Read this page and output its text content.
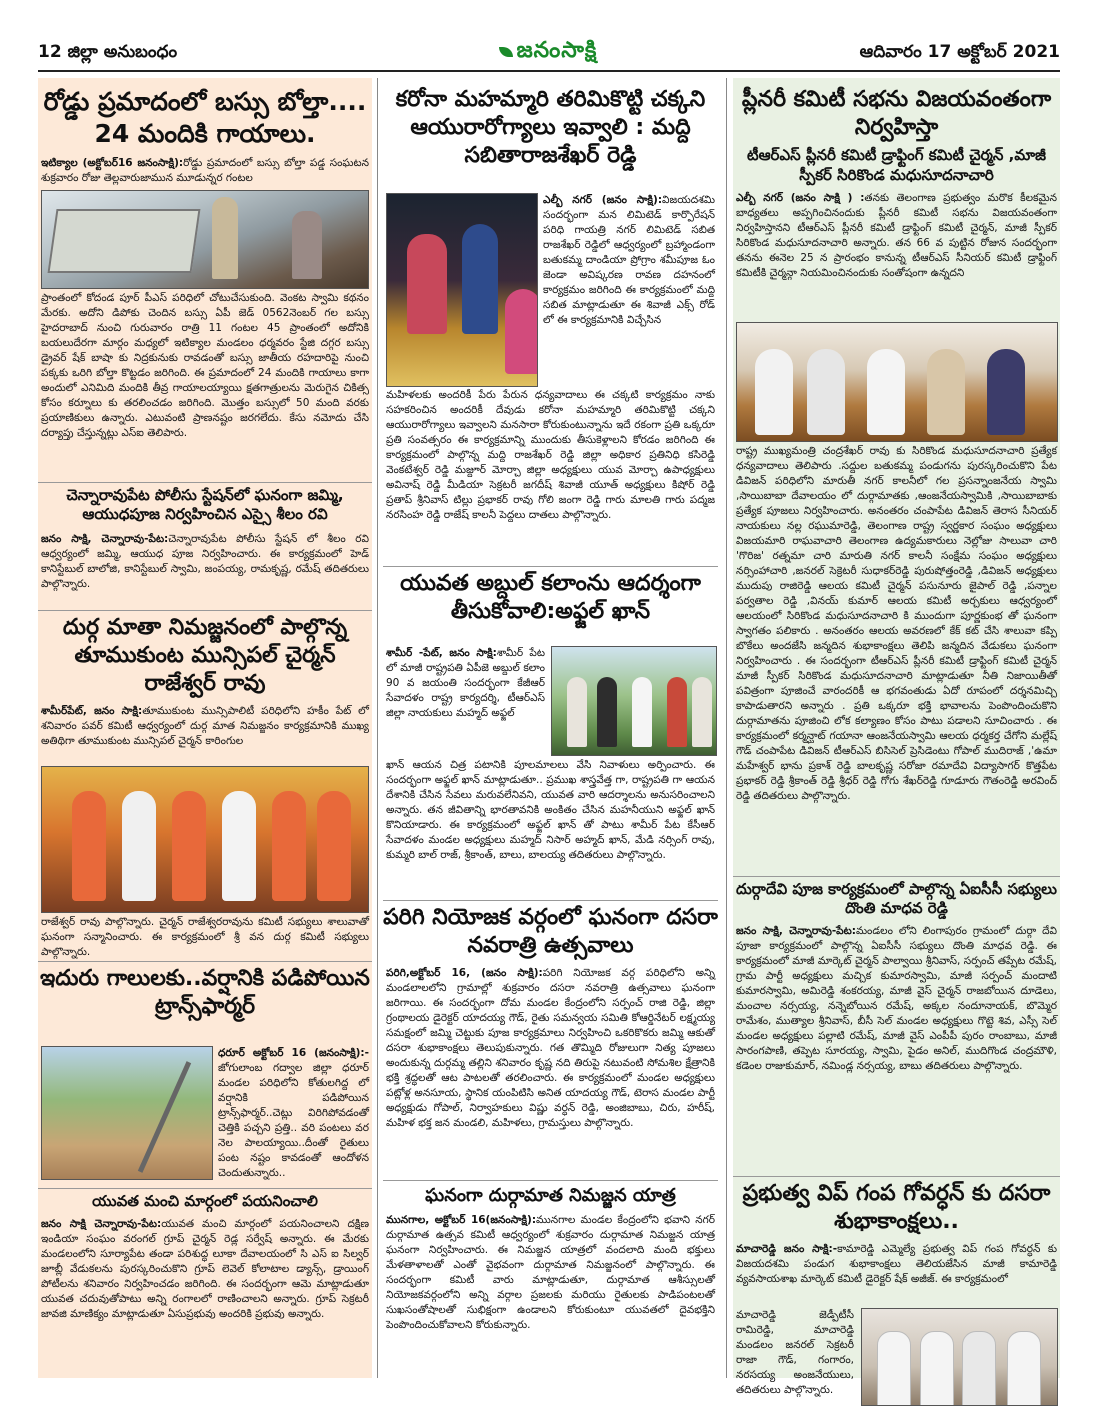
12 జిల్లా అనుబంధం	జనంసాక్షి	ఆదివారం 17 అక్టోబర్ 2021
రోడ్డు ప్రమాదంలో బస్సు బోల్తా.... 24 మందికి గాయాలు.
ఇటిక్యాల (అక్టోబర్16 జనంసాక్షి):రోడ్డు ప్రమాదంలో బస్సు బోల్తా పడ్డ సంఘటన శుక్రవారం రోజు తెల్లవారుజామున మూడున్నర గంటల
ప్రాంతంలో కోదండ పూర్ పీఎస్ పరిధిలో చోటుచేసుకుంది. వెంకట స్వామి కథనం మేరకు. అదోని డిపోకు చెందిన బస్సు ఏపీ జెడ్ 0562నెంబర్ గల బస్సు హైదరాబాద్ నుంచి గురువారం రాత్రి 11 గంటల 45 ప్రాంతంలో అదోనికి బయలుదేరగా మార్గం మధ్యలో ఇటిక్యాల మండలం ధర్మవరం స్టేజి దగ్గర బస్సు డ్రైవర్ షేక్ బాషా కు నిద్రకునుకు రావడంతో బస్సు జాతీయ రహదారిపై నుంచి పక్కకు ఒరిగి బోల్తా కొట్టడం జరిగింది. ఈ ప్రమాదంలో 24 మందికి గాయాలు కాగా అందులో ఎనిమిది మందికి తీవ్ర గాయాలయ్యాయి క్షతగాత్రులను మెరుగైన చికిత్స కోసం కర్నూలు కు తరలించడం జరిగింది. మొత్తం బస్సులో 50 మంది వరకు ప్రయాణికులు ఉన్నారు. ఎటువంటి ప్రాణనష్టం జరగలేదు. కేసు నమోదు చేసి దర్యాప్తు చేస్తున్నట్లు ఎస్ఐ తెలిపారు.
చెన్నారావుపేట పోలీసు స్టేషన్‌లో ఘనంగా జమ్మి, ఆయుధపూజ నిర్వహించిన ఎస్సై శీలం రవి
జనం సాక్షి, చెన్నారావు-పేట:చెన్నారావుపేట పోలీసు స్టేషన్ లో శీలం రవి ఆధ్వర్యంలో జమ్మి, ఆయుధ పూజ నిర్వహించారు. ఈ కార్యక్రమంలో హెడ్ కానిస్టేబుల్ బాలోజి, కానిస్టేబుల్ స్వామి, జంపయ్య, రామకృష్ణ, రమేష్ తదితరులు పాల్గొన్నారు.
దుర్గ మాతా నిమజ్జనంలో పాల్గొన్న తూముకుంట మున్సిపల్ చైర్మన్ రాజేశ్వర్ రావు
శామీర్‌పేట్, జనం సాక్షి:తూముకుంట మున్సిపాలిటీ పరిధిలోని హకీం పేట్ లో శనివారం పవర్ కమిటీ ఆధ్వర్యంలో దుర్గ మాత నిమజ్జనం కార్యక్రమానికి ముఖ్య అతిథిగా తూముకుంట మున్సిపల్ చైర్మన్ కారింగుల
రాజేశ్వర్ రావు పాల్గొన్నారు. చైర్మన్ రాజేశ్వరరావును కమిటీ సభ్యులు శాలువాతో ఘనంగా సన్మానించారు. ఈ కార్యక్రమంలో శ్రీ వన దుర్గ కమిటీ సభ్యులు పాల్గొన్నారు.
ఇదురు గాలులకు..వర్షానికి పడిపోయిన ట్రాన్స్‌ఫార్మర్
ధరూర్ అక్టోబర్ 16 (జనంసాక్షి):-జోగులాంబ గద్వాల జిల్లా ధరూర్ మండల పరిధిలోని కోతులగిద్ద లో వర్షానికి పడిపోయిన ట్రాన్స్‌ఫార్మర్..చెట్లు విరిగిపోవడంతో చెత్తికి పచ్చని ప్రత్తి.. వరి పంటలు వర నెల పాలయ్యాయి..దీంతో రైతులు పంట నష్టం కావడంతో ఆందోళన చెందుతున్నారు..
యువత మంచి మార్గంలో పయనించాలి
జనం సాక్షి చెన్నారావు-పేట:యువత మంచి మార్గంలో పయనించాలని దక్షిణ ఇండియా సంఘం వరంగల్ గ్రూప్ చైర్మన్ రెడ్ల సర్వేష్ అన్నారు. ఈ మేరకు మండలంలోని సూర్యాపేట తండా పరిశుద్ధ లూకా దేవాలయంలో సి ఎస్ ఐ సిల్వర్ జూబ్లీ వేడుకలను పురస్కరించుకొని గ్రూప్ లెవెల్ కోలాటాల డ్యాన్స్, డ్రాయింగ్ పోటీలను శనివారం నిర్వహించడం జరిగింది. ఈ సందర్భంగా ఆమె మాట్లాడుతూ యువత చదువుతోపాటు అన్ని రంగాలలో రాణించాలని అన్నారు. గ్రూప్ సెక్రటరీ జావజి మాణిక్యం మాట్లాడుతూ ఏసుప్రభువు అందరికి ప్రభువు అన్నారు.
కరోనా మహమ్మారి తరిమికొట్టి చక్కని ఆయురారోగ్యాలు ఇవ్వాలి : మద్ది సబితారాజశేఖర్ రెడ్డి
ఎల్బీ నగర్ (జనం సాక్షి):విజయదశమి సందర్భంగా మన లిమిటెడ్ కార్పొరేషన్ పరిధి గాయత్రి నగర్ లిమిటెడ్ సబిత రాజశేఖర్ రెడ్డిలో ఆధ్వర్యంలో బ్రహ్మాండంగా బతుకమ్మ దాండియా ప్రోగ్రాం శమీపూజ ఓం జెండా అవిష్కరణ రావణ దహనంలో కార్యక్రమం జరిగింది ఈ కార్యక్రమంలో మద్ది సబిత మాట్లాడుతూ ఈ శివాజీ ఎక్స్ రోడ్ లో ఈ కార్యక్రమానికి విచ్చేసిన
మహిళలకు అందరికీ పేరు పేరున ధన్యవాదాలు ఈ చక్కటి కార్యక్రమం నాకు సహకరించిన అందరికీ దేవుడు కరోనా మహమ్మారి తరిమికొట్టి చక్కని ఆయురారోగ్యాలు ఇవ్వాలని మనసారా కోరుకుంటున్నాను ఇదే రకంగా ప్రతి ఒక్కరూ ప్రతి సంవత్సరం ఈ కార్యక్రమాన్ని ముందుకు తీసుకెళ్లాలని కోరడం జరిగింది ఈ కార్యక్రమంలో పాల్గొన్న మద్ది రాజశేఖర్ రెడ్డి జిల్లా అధికార ప్రతినిధి కసిరెడ్డి వెంకటేశ్వర్ రెడ్డి మజ్దూర్ మోర్చా జిల్లా అధ్యక్షులు యువ మోర్చా ఉపాధ్యక్షులు అవినాష్ రెడ్డి మీడియా సెక్రటరీ జగదీష్ శివాజీ యూత్ అధ్యక్షులు కిషోర్ రెడ్డి ప్రతాప్ శ్రీనివాస్ టిల్లు ప్రభాకర్ రావు గోలి జంగా రెడ్డి గారు మాలతి గారు పద్మజ నరసింహ రెడ్డి రాజేష్ కాలనీ పెద్దలు దాతలు పాల్గొన్నారు.
యువత అబ్దుల్ కలాంను ఆదర్శంగా తీసుకోవాలి:అఫ్జల్ ఖాన్
శామీర్ -పేట్, జనం సాక్షి:శామీర్ పేట లో మాజీ రాష్ట్రపతి ఏపీజె అబ్దుల్ కలాం 90 వ జయంతి సందర్భంగా కేజీఆర్ సేవాదళం రాష్ట్ర కార్యదర్శి, టీఆర్ఎస్ జిల్లా నాయకులు మహ్మద్ అఫ్జల్
ఖాన్ ఆయన చిత్ర పటానికి పూలమాలలు వేసి నివాళులు అర్పించారు. ఈ సందర్భంగా అఫ్జల్ ఖాన్ మాట్లాడుతూ.. ప్రముఖ శాస్త్రవేత్త గా, రాష్ట్రపతి గా ఆయన దేశానికి చేసిన సేవలు మరువలేనివని, యువత వారి ఆదర్శాలను అనుసరించాలని అన్నారు. తన జీవితాన్ని భారతావనికి అంకితం చేసిన మహనీయుని అఫ్జల్ ఖాన్ కొనియాడారు. ఈ కార్యక్రమంలో అఫ్జల్ ఖాన్ తో పాటు శామీర్ పేట కేసీఆర్ సేవాదళం మండల అధ్యక్షులు మహ్మద్ నిసార్ అహ్మద్ ఖాన్, మేడి నర్సింగ్ రావు, కుమ్మరి బాల్ రాజ్, శ్రీకాంత్, బాలు, బాలయ్య తదితరులు పాల్గొన్నారు.
పరిగి నియోజక వర్గంలో ఘనంగా దసరా నవరాత్రి ఉత్సవాలు
పరిగి,అక్టోబర్ 16, (జనం సాక్షి):పరిగి నియోజక వర్గ పరిధిలోని అన్ని మండలాలలోని గ్రామాల్లో శుక్రవారం దసరా నవరాత్రి ఉత్సవాలు ఘనంగా జరిగాయి. ఈ సందర్భంగా దోమ మండల కేంద్రంలోని సర్పంచ్ రాజి రెడ్డి, జిల్లా గ్రంథాలయ డైరెక్టర్ యాదయ్య గౌడ్, రైతు సమన్వయ సమితి కోఆర్డినేటర్ లక్ష్మయ్య సమక్షంలో జమ్మి చెట్టుకు పూజ కార్యక్రమాలు నిర్వహించి ఒకరికొకరు జమ్మి ఆకుతో దసరా శుభాకాంక్షలు తెలుపుకున్నారు. గత తొమ్మిది రోజులుగా నిత్య పూజలు అందుకున్న దుర్గమ్మ తల్లిని శనివారం కృష్ణ నది తిరుపై నటువంటి సోమశిల క్షేత్రానికి భక్తి శ్రద్ధలతో ఆట పాటలతో తరలించారు. ఈ కార్యక్రమంలో మండల అధ్యక్షులు పట్లోళ్ల అనసూయ, స్థానిక యంపిటిసి అనిత యాదయ్య గౌడ్, టెరాస మండల పార్టీ అధ్యక్షుడు గోపాల్, నిర్వాహకులు విష్ణు వర్ధన్ రెడ్డి, అంజిబాబు, చిరు, హరీష్, మహిళ భక్త జన మండలి, మహిళలు, గ్రామస్తులు పాల్గొన్నారు.
ఘనంగా దుర్గామాత నిమజ్జన యాత్ర
మునగాల, అక్టోబర్ 16(జనంసాక్షి):మునగాల మండల కేంద్రంలోని భవాని నగర్ దుర్గామాత ఉత్సవ కమిటీ ఆధ్వర్యంలో శుక్రవారం దుర్గామాత నిమజ్జన యాత్ర ఘనంగా నిర్వహించారు. ఈ నిమజ్జన యాత్రలో వందలాది మంది భక్తులు మేళతాళాలతో ఎంతో వైభవంగా దుర్గామాత నిమజ్జనంలో పాల్గొన్నారు. ఈ సందర్భంగా కమిటీ వారు మాట్లాడుతూ, దుర్గామాత ఆశీస్సులతో నియోజకవర్గంలోని అన్ని వర్గాల ప్రజలకు మరియు రైతులకు పాడిపంటలతో సుఖసంతోషాలతో సుభిక్షంగా ఉండాలని కోరుకుంటూ యువతలో దైవభక్తిని పెంపొందించుకోవాలని కోరుకున్నారు.
ప్లీనరీ కమిటీ సభను విజయవంతంగా నిర్వహిస్తా
టీఆర్ఎస్ ప్లీనరీ కమిటీ డ్రాఫ్టింగ్ కమిటీ చైర్మన్ ,మాజీ స్పీకర్ సిరికొండ మధుసూదనాచారి
ఎల్బీ నగర్ (జనం సాక్షి ) :తనకు తెలంగాణ ప్రభుత్వం మరొక కీలకమైన బాధ్యతలు అప్పగించినందుకు ప్లీనరీ కమిటీ సభను విజయవంతంగా నిర్వహిస్తానని టీఆర్ఎస్ ప్లీనరీ కమిటీ డ్రాఫ్టింగ్ కమిటీ చైర్మన్, మాజీ స్పీకర్ సిరికొండ మధుసూదనాచారి అన్నారు. తన 66 వ పుట్టిన రోజున సందర్భంగా తనను ఈనెల 25 న ప్రారంభం కానున్న టీఆర్ఎస్ సీనియర్ కమిటీ డ్రాఫ్టింగ్ కమిటీకి చైర్మన్గా నియమించినందుకు సంతోషంగా ఉన్నదని
రాష్ట్ర ముఖ్యమంత్రి చంద్రశేఖర్ రావు కు సిరికొండ మధుసూదనాచారి ప్రత్యేక ధన్యవాదాలు తెలిపారు .సద్దుల బతుకమ్మ పండుగను పురస్కరించుకొని పేట డివిజన్ పరిధిలోని మారుతీ నగర్ కాలనీలో గల ప్రసన్నాంజనేయ స్వామి ,సాయిబాబా దేవాలయం లో దుర్గామాతకు ,ఆంజనేయస్వామికి ,సాయిబాబాకు ప్రత్యేక పూజలు నిర్వహించారు. అనంతరం చంపాపేట డివిజన్ తెరాస సీనియర్ నాయకులు నల్ల రఘుమారెడ్డి, తెలంగాణ రాష్ట్ర స్వర్ణకార సంఘం అధ్యక్షులు విజయమారి రాఘవాచారి తెలంగాణ ఉద్యమకారులు నెల్లోజు సాలువా చారి 'గొరిజ' రత్నమా చారి మారుతి నగర్ కాలనీ సంక్షేమ సంఘం అధ్యక్షులు నర్సింహాచారి ,జనరల్ సెక్రెటరీ సుధాకర్‌రెడ్డి పురుషోత్తంరెడ్డి ,డివిజన్ అధ్యక్షులు ముదుపు రాజిరెడ్డి ఆలయ కమిటీ చైర్మన్ పసునూరు జైపాల్ రెడ్డి ,పన్నాల పర్వతాల రెడ్డి ,వినయ్ కుమార్ ఆలయ కమిటీ అర్చకులు ఆధ్వర్యంలో ఆలయంలో సిరికొండ మధుసూదనాచారి కి ముందుగా పూర్ణకుంభ తో ఘనంగా స్వాగతం పలికారు . అనంతరం ఆలయ అవరణలో కేక్ కట్ చేసి శాలువా కప్పి బొకేలు అందజేసి జన్మదిన శుభాకాంక్షలు తెలిపి జన్మదిన వేడుకలు ఘనంగా నిర్వహించారు . ఈ సందర్భంగా టీఆర్ఎస్ ప్లీనరీ కమిటీ డ్రాఫ్టింగ్ కమిటీ చైర్మన్ మాజీ స్పీకర్ సిరికొండ మధుసూదనాచారి మాట్లాడుతూ నీతి నిజాయితీతో పవిత్రంగా పూజించే వారందరికీ ఆ భగవంతుడు ఏదో రూపంలో దర్శనమిచ్చి కాపాడుతారని అన్నారు . ప్రతి ఒక్కరూ భక్తి భావాలను పెంపొందించుకొని దుర్గామాతను పూజించి లోక కల్యాణం కోసం పాటు పడాలని సూచించారు . ఈ కార్యక్రమంలో కర్మన్ఘాట్ గయానా ఆంజనేయస్వామి ఆలయ ధర్మకర్త చేగోని మల్లేష్ గౌడ్ చంపాపేట డివిజన్ టీఆర్ఎస్ బిసిసెల్ ప్రెసిడెంటు గోపాల్ ముదిరాజ్ ,'ఉమా మహేశ్వర్ భాను ప్రకాశ్ రెడ్డి బాలకృష్ణ సరోజా రమాదేవి విద్యాసాగర్ కొత్తపేట ప్రభాకర్ రెడ్డి శ్రీకాంత్ రెడ్డి శ్రీధర్ రెడ్డి గోగు శేఖర్‌రెడ్డి గూడూరు గౌతంరెడ్డి అరవింద్ రెడ్డి తదితరులు పాల్గొన్నారు.
దుర్గాదేవి పూజ కార్యక్రమంలో పాల్గొన్న ఏఐసీసీ సభ్యులు దొంతి మాధవ రెడ్డి
జనం సాక్షి, చెన్నారావు-పేట:మండలం లోని లింగాపురం గ్రామంలో దుర్గా దేవి పూజా కార్యక్రమంలో పాల్గొన్న ఏఐసీసీ సభ్యులు దొంతి మాధవ రెడ్డి. ఈ కార్యక్రమంలో మాజీ మార్కెట్ చైర్మన్ పాల్వాయి శ్రీనివాస్, సర్పంచ్ తప్పేట రమేష్, గ్రామ పార్టీ అధ్యక్షులు మచ్చిక కుమారస్వామి, మాజీ సర్పంచ్ మందాటి కుమారస్వామి, అమిరెడ్డి శంకరయ్య, మాజీ వైస్ చైర్మన్ రాజబోయిన దూడెలు, మంచాల నర్సయ్య, నన్నెబోయిన రమేష్, అక్కల నందూనాయక్, బొమ్మెర రామేశం, ముత్యాల శ్రీనివాస్, బీసీ సెల్ మండల అధ్యక్షులు గొట్టె శివ, ఎస్సీ సెల్ మండల అధ్యక్షులు పల్లాటి రమేష్, మాజీ వైస్ ఎంపీపీ పురం రాంబాబు, మాజీ సారంగపాణి, తప్పెట సూరయ్య, స్వామి, పైడం అనిల్, ముదిగొండ చంద్రమౌళి, కడెంల రాజుకుమార్, నమిండ్ల నర్సయ్య, బాబు తదితరులు పాల్గొన్నారు.
ప్రభుత్వ విప్ గంప గోవర్ధన్ కు దసరా శుభాకాంక్షలు..
మాచారెడ్డి జనం సాక్షి:-కామారెడ్డి ఎమ్మెల్యే ప్రభుత్వ విప్ గంప గోవర్ధన్ కు విజయదశమి పండుగ శుభాకాంక్షలు తెలియజేసిన మాజీ కామారెడ్డి వ్యవసాయశాఖ మార్కెట్ కమిటీ డైరెక్టర్ షేక్ అజీజ్. ఈ కార్యక్రమంలో
మాచారెడ్డి జెడ్పీటీసీ రామిరెడ్డి, మాచారెడ్డి మండలం జనరల్ సెక్రటరీ రాజా గౌడ్, గంగారం, నరసయ్య అంజనేయులు, తదితరులు పాల్గొన్నారు.
